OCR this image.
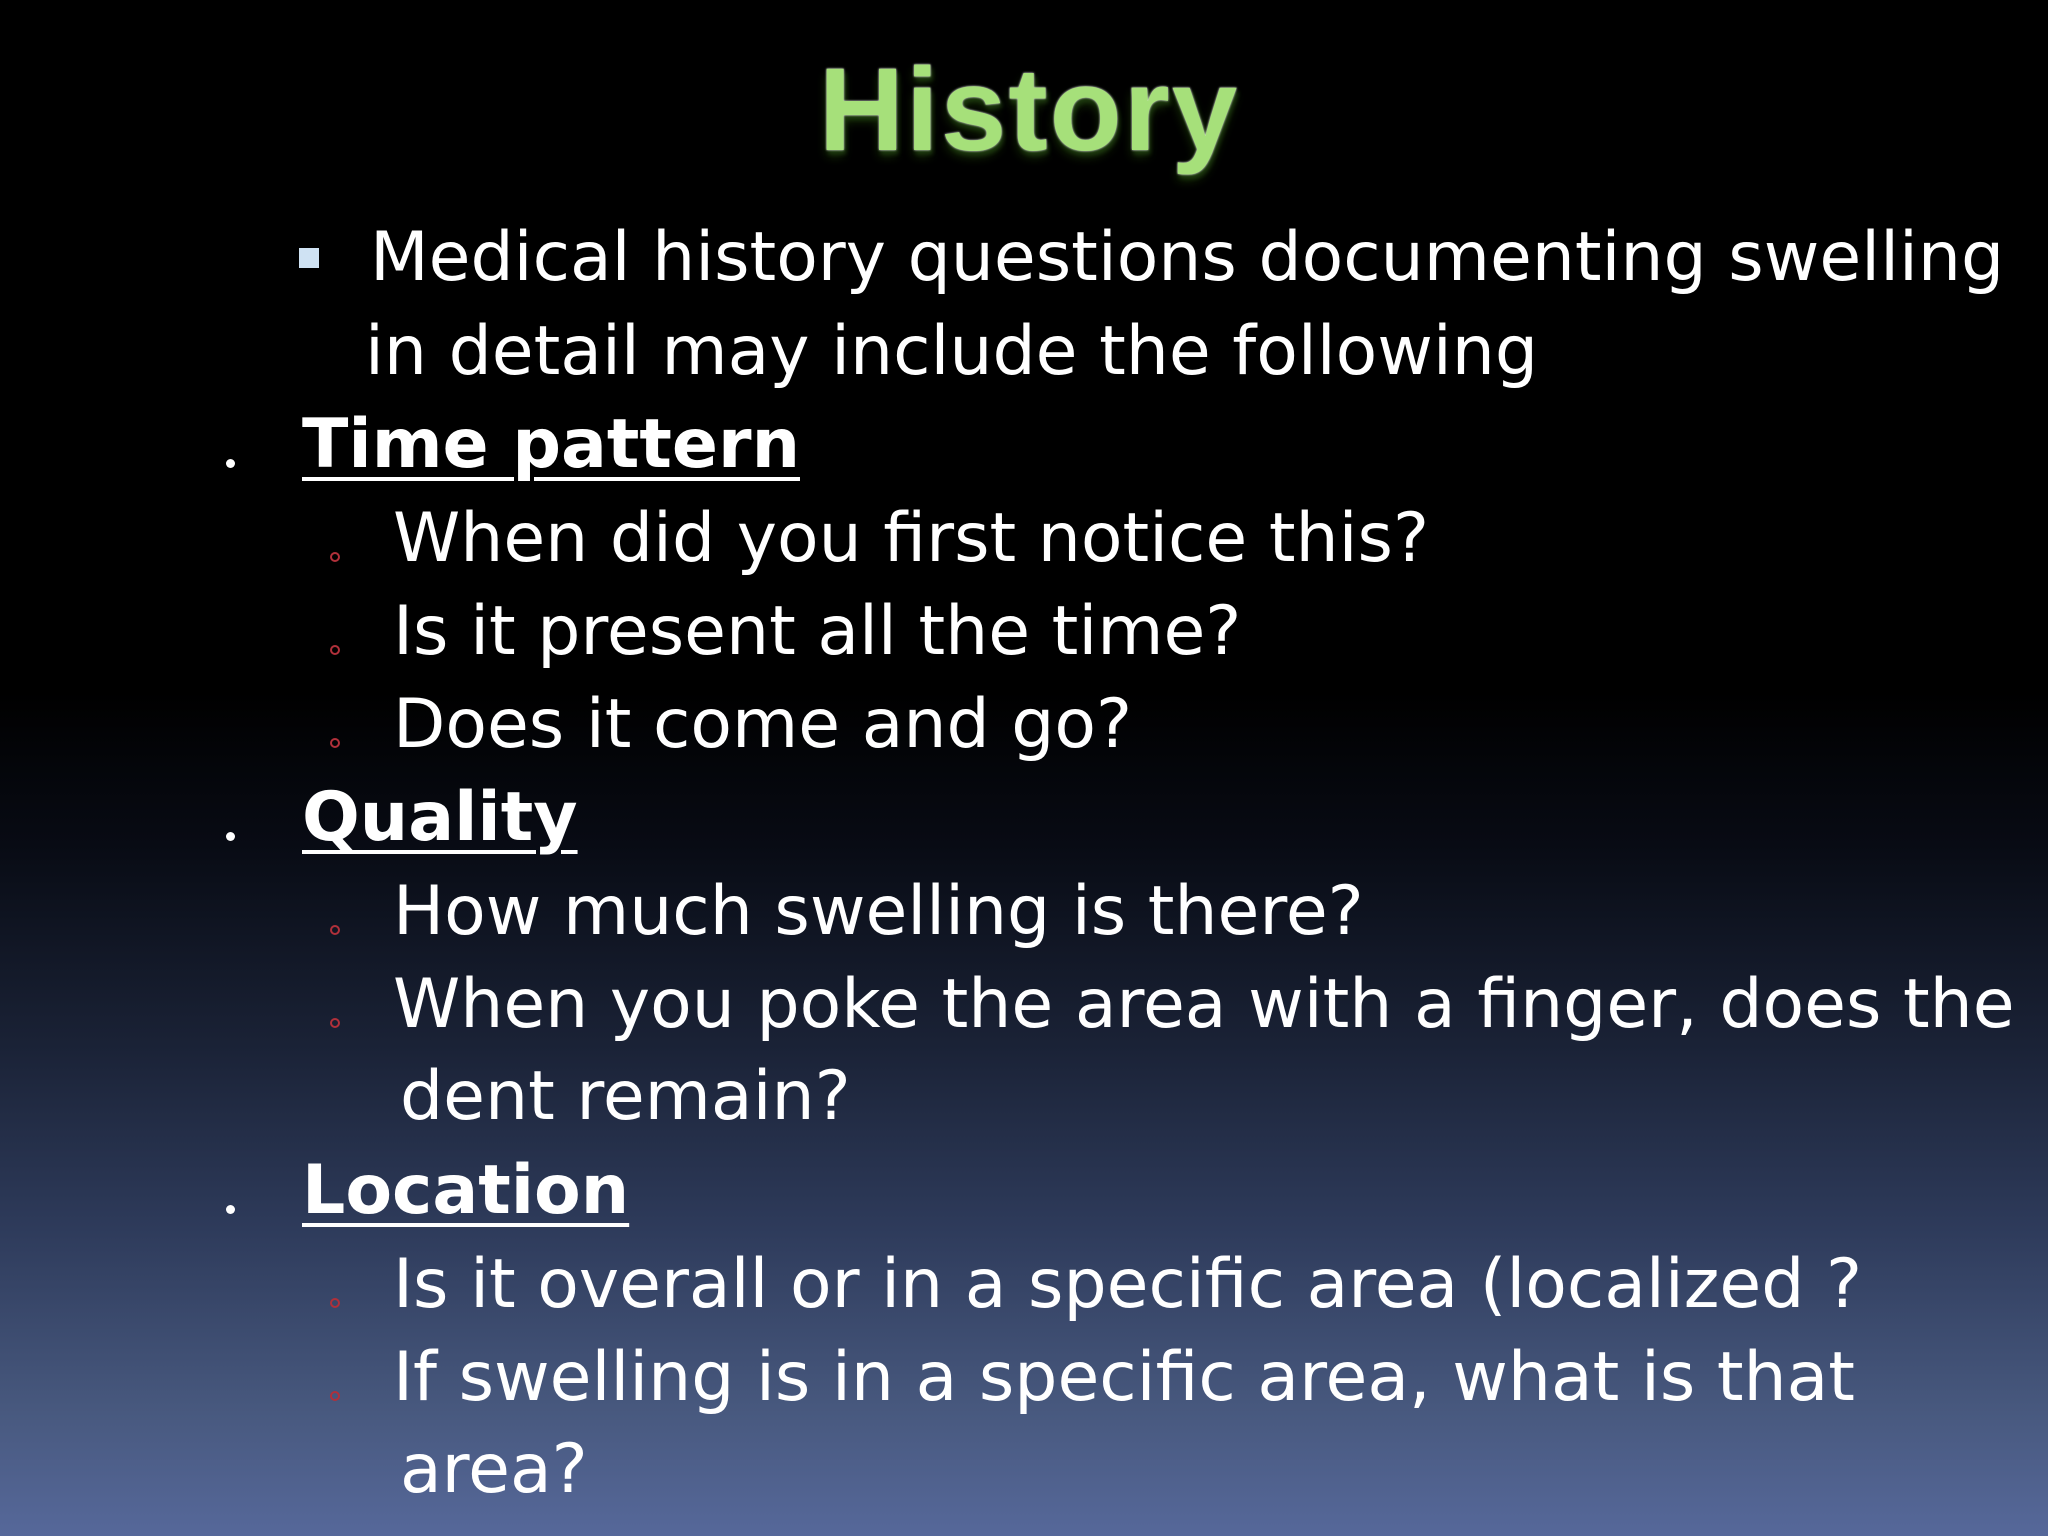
History
Medical history questions documenting swelling
in detail may include the following
Time pattern
When did you first notice this?
Is it present all the time?
Does it come and go?
Quality
How much swelling is there?
When you poke the area with a finger, does the
dent remain?
Location
Is it overall or in a specific area (localized ?
If swelling is in a specific area, what is that
area?
